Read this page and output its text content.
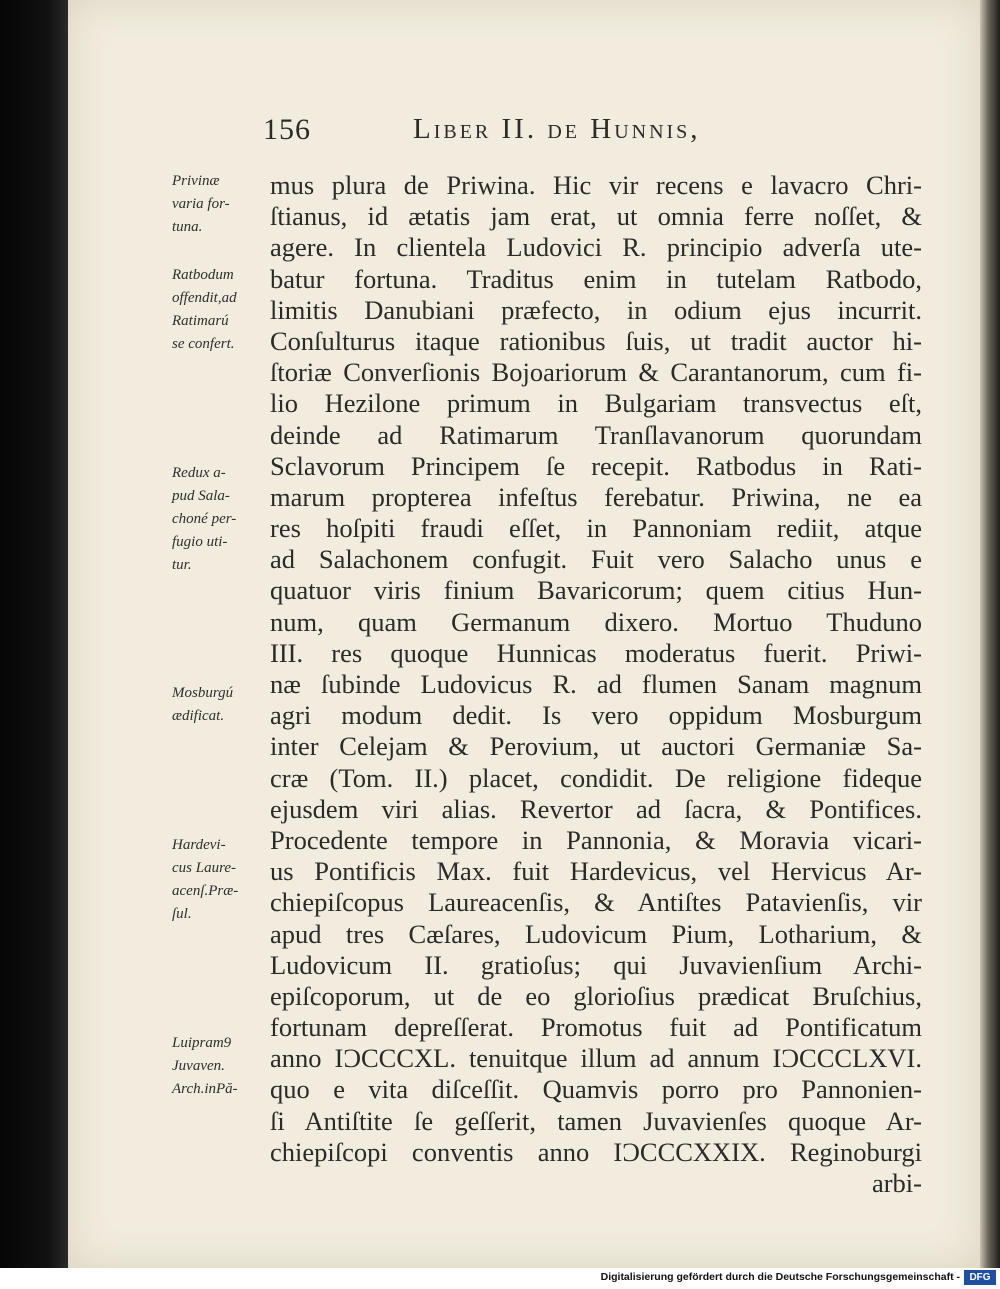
156	Liber II. de Hunnis,
Privinæ
varia for-
tuna.
Ratbodum
offendit,ad
Ratimarú
se confert.
Redux a-
pud Sala-
choné per-
fugio uti-
tur.
Mosburgú
ædificat.
Hardevi-
cus Laure-
acenſ.Præ-
ſul.
Luipram9
Juvaven.
Arch.inPă-
mus plura de Priwina. Hic vir recens e lavacro Chri-
ſtianus, id ætatis jam erat, ut omnia ferre noſſet, &
agere. In clientela Ludovici R. principio adverſa ute-
batur fortuna. Traditus enim in tutelam Ratbodo,
limitis Danubiani præfecto, in odium ejus incurrit.
Conſulturus itaque rationibus ſuis, ut tradit auctor hi-
ſtoriæ Converſionis Bojoariorum & Carantanorum, cum fi-
lio Hezilone primum in Bulgariam transvectus eſt,
deinde ad Ratimarum Tranſlavanorum quorundam
Sclavorum Principem ſe recepit. Ratbodus in Rati-
marum propterea infeſtus ferebatur. Priwina, ne ea
res hoſpiti fraudi eſſet, in Pannoniam rediit, atque
ad Salachonem confugit. Fuit vero Salacho unus e
quatuor viris finium Bavaricorum; quem citius Hun-
num, quam Germanum dixero. Mortuo Thuduno
III. res quoque Hunnicas moderatus fuerit. Priwi-
næ ſubinde Ludovicus R. ad flumen Sanam magnum
agri modum dedit. Is vero oppidum Mosburgum
inter Celejam & Perovium, ut auctori Germaniæ Sa-
cræ (Tom. II.) placet, condidit. De religione fideque
ejusdem viri alias. Revertor ad ſacra, & Pontifices.
Procedente tempore in Pannonia, & Moravia vicari-
us Pontificis Max. fuit Hardevicus, vel Hervicus Ar-
chiepiſcopus Laureacenſis, & Antiſtes Patavienſis, vir
apud tres Cæſares, Ludovicum Pium, Lotharium, &
Ludovicum II. gratioſus; qui Juvavienſium Archi-
epiſcoporum, ut de eo glorioſius prædicat Bruſchius,
fortunam depreſſerat. Promotus fuit ad Pontificatum
anno IƆCCCXL. tenuitque illum ad annum IƆCCCLXVI.
quo e vita diſceſſit. Quamvis porro pro Pannonien-
ſi Antiſtite ſe geſſerit, tamen Juvavienſes quoque Ar-
chiepiſcopi conventis anno IƆCCCXXIX. Reginoburgi
arbi-
Digitalisierung gefördert durch die Deutsche Forschungsgemeinschaft - DFG
